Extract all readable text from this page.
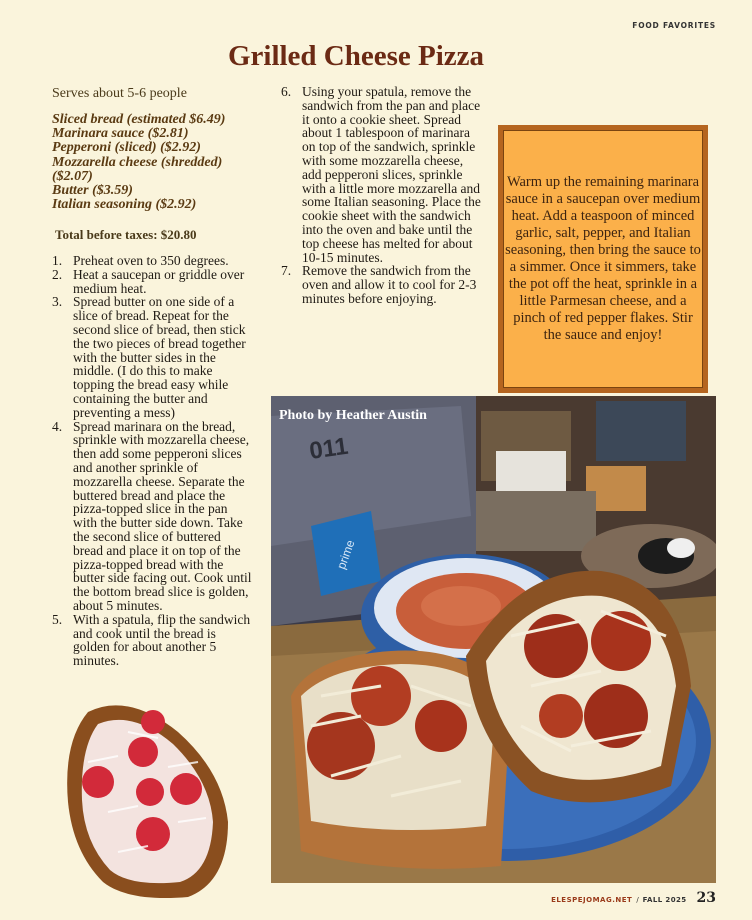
FOOD FAVORITES
Grilled Cheese Pizza
Serves about 5-6 people
Sliced bread (estimated $6.49)
Marinara sauce ($2.81)
Pepperoni (sliced) ($2.92)
Mozzarella cheese (shredded) ($2.07)
Butter ($3.59)
Italian seasoning ($2.92)
Total before taxes: $20.80
1. Preheat oven to 350 degrees.
2. Heat a saucepan or griddle over medium heat.
3. Spread butter on one side of a slice of bread. Repeat for the second slice of bread, then stick the two pieces of bread together with the butter sides in the middle. (I do this to make topping the bread easy while containing the butter and preventing a mess)
4. Spread marinara on the bread, sprinkle with mozzarella cheese, then add some pepperoni slices and another sprinkle of mozzarella cheese. Separate the buttered bread and place the pizza-topped slice in the pan with the butter side down. Take the second slice of buttered bread and place it on top of the pizza-topped bread with the butter side facing out. Cook until the bottom bread slice is golden, about 5 minutes.
5. With a spatula, flip the sandwich and cook until the bread is golden for about another 5 minutes.
6. Using your spatula, remove the sandwich from the pan and place it onto a cookie sheet. Spread about 1 tablespoon of marinara on top of the sandwich, sprinkle with some mozzarella cheese, add pepperoni slices, sprinkle with a little more mozzarella and some Italian seasoning. Place the cookie sheet with the sandwich into the oven and bake until the top cheese has melted for about 10-15 minutes.
7. Remove the sandwich from the oven and allow it to cool for 2-3 minutes before enjoying.
Warm up the remaining marinara sauce in a saucepan over medium heat. Add a teaspoon of minced garlic, salt, pepper, and Italian seasoning, then bring the sauce to a simmer. Once it simmers, take the pot off the heat, sprinkle in a little Parmesan cheese, and a pinch of red pepper flakes. Stir the sauce and enjoy!
011
prime
Photo by Heather Austin
ELESPEJOMAG.NET / FALL 2025 23
